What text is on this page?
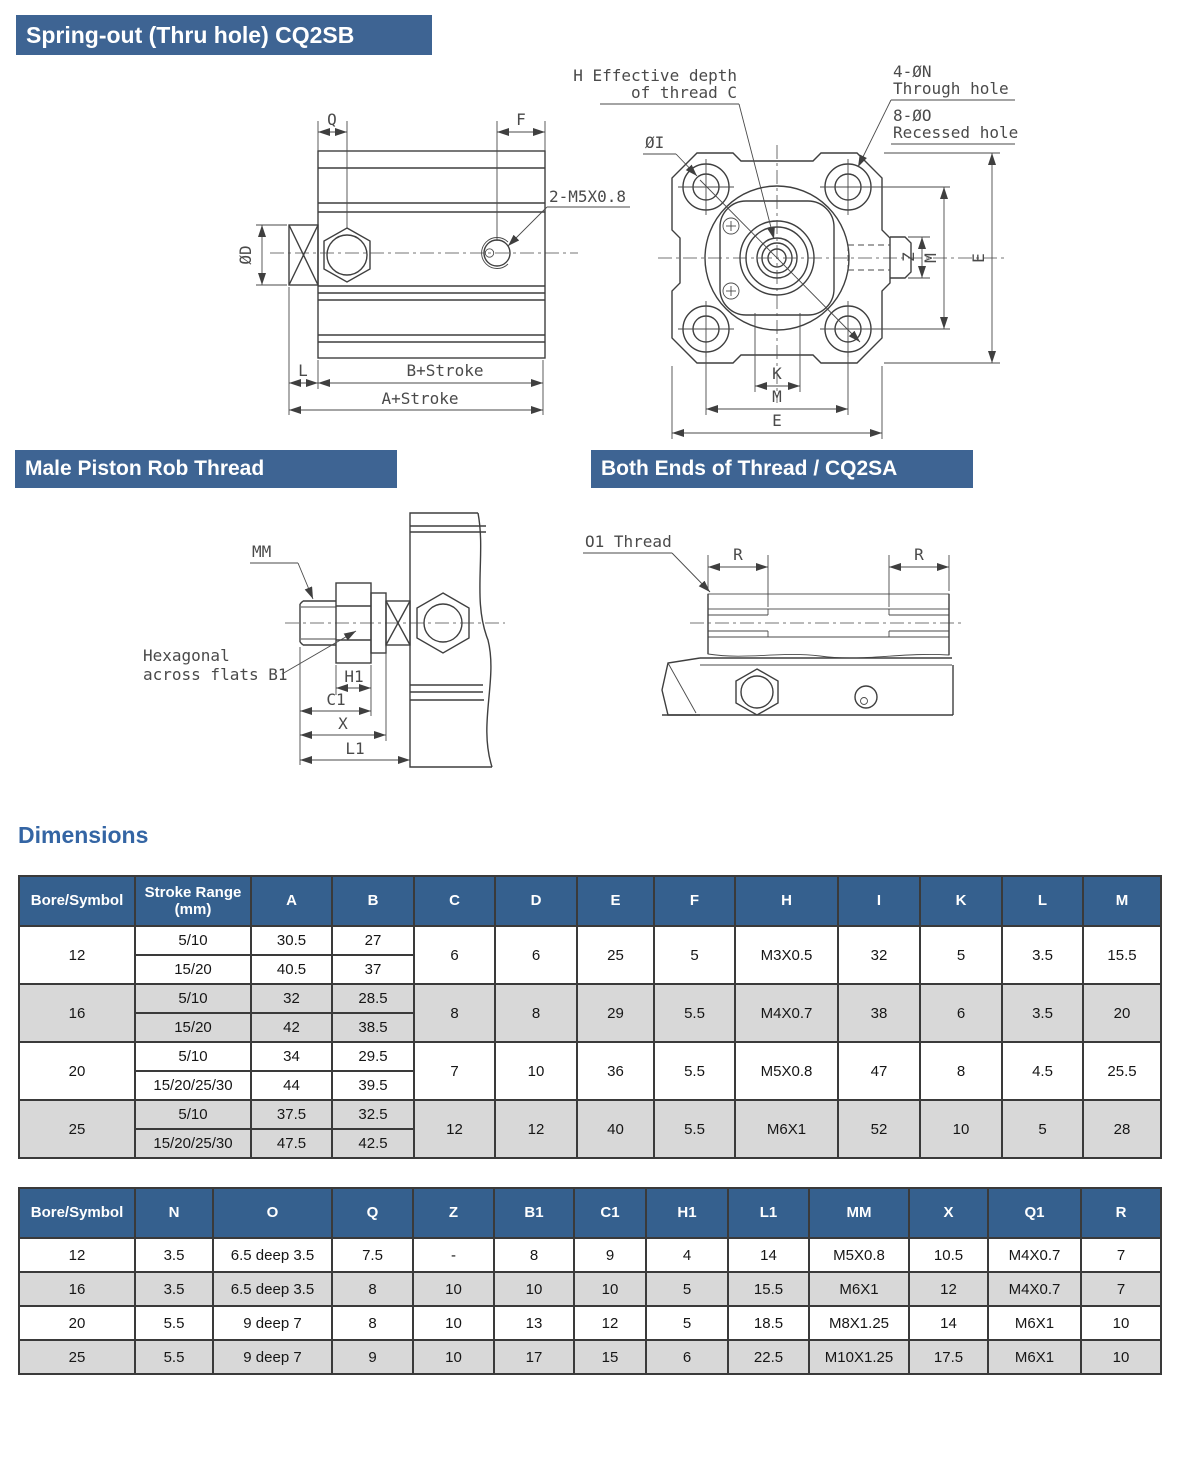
Q	F
ØD
L	B+Stroke
A+Stroke
2-M5X0.8
H Effective depth
of thread C
4-ØN
Through hole
8-ØO
Recessed hole
ØI
Z M E
K
M
E
MM
Hexagonal
across flats B1	H1
C1
X
L1
R	R
O1 Thread
Spring-out (Thru hole) CQ2SB
Male Piston Rob Thread	Both Ends of Thread / CQ2SA
Dimensions
Bore/Symbol	Stroke Range (mm)	A	B	C	D	E	F	H	I	K	L	M
12	5/10	30.5	27	6	6	25	5	M3X0.5	32	5	3.5	15.5
	15/20	40.5	37									
16	5/10	32	28.5	8	8	29	5.5	M4X0.7	38	6	3.5	20
	15/20	42	38.5									
20	5/10	34	29.5	7	10	36	5.5	M5X0.8	47	8	4.5	25.5
	15/20/25/30	44	39.5									
25	5/10	37.5	32.5	12	12	40	5.5	M6X1	52	10	5	28
	15/20/25/30	47.5	42.5									
Bore/Symbol	N	O	Q	Z	B1	C1	H1	L1	MM	X	Q1	R
12	3.5	6.5 deep 3.5	7.5	-	8	9	4	14	M5X0.8	10.5	M4X0.7	7
16	3.5	6.5 deep 3.5	8	10	10	10	5	15.5	M6X1	12	M4X0.7	7
20	5.5	9 deep 7	8	10	13	12	5	18.5	M8X1.25	14	M6X1	10
25	5.5	9 deep 7	9	10	17	15	6	22.5	M10X1.25	17.5	M6X1	10
